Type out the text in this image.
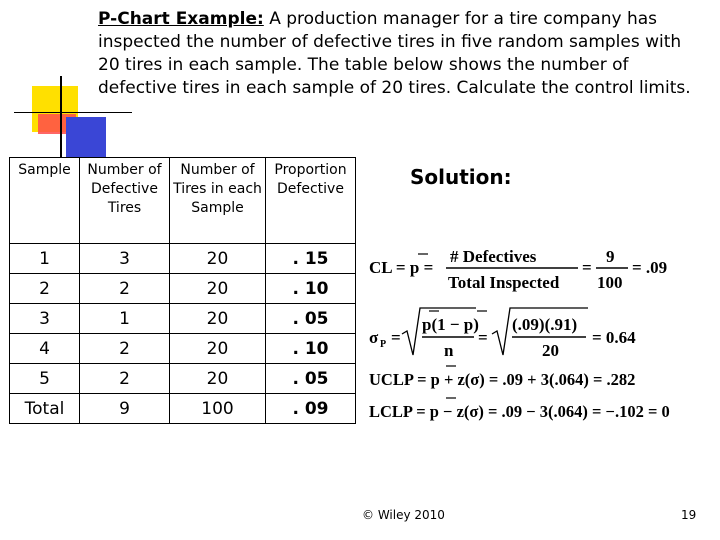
P-Chart Example: A production manager for a tire company has inspected the number of defective tires in five random samples with 20 tires in each sample. The table below shows the number of defective tires in each sample of 20 tires. Calculate the control limits.
Sample	Number of Defective Tires	Number of Tires in each Sample	Proportion Defective
1	3	20	. 15
2	2	20	. 10
3	1	20	. 05
4	2	20	. 10
5	2	20	. 05
Total	9	100	. 09
Solution:
CL = p =
# Defectives
Total Inspected
=
9
100
= .09
σ P =
p(1 − p)
n
=
(.09)(.91)
20
= 0.64
UCLP = p + z(σ) = .09 + 3(.064) = .282
LCLP = p − z(σ) = .09 − 3(.064) = −.102 = 0
© Wiley 2010	19
